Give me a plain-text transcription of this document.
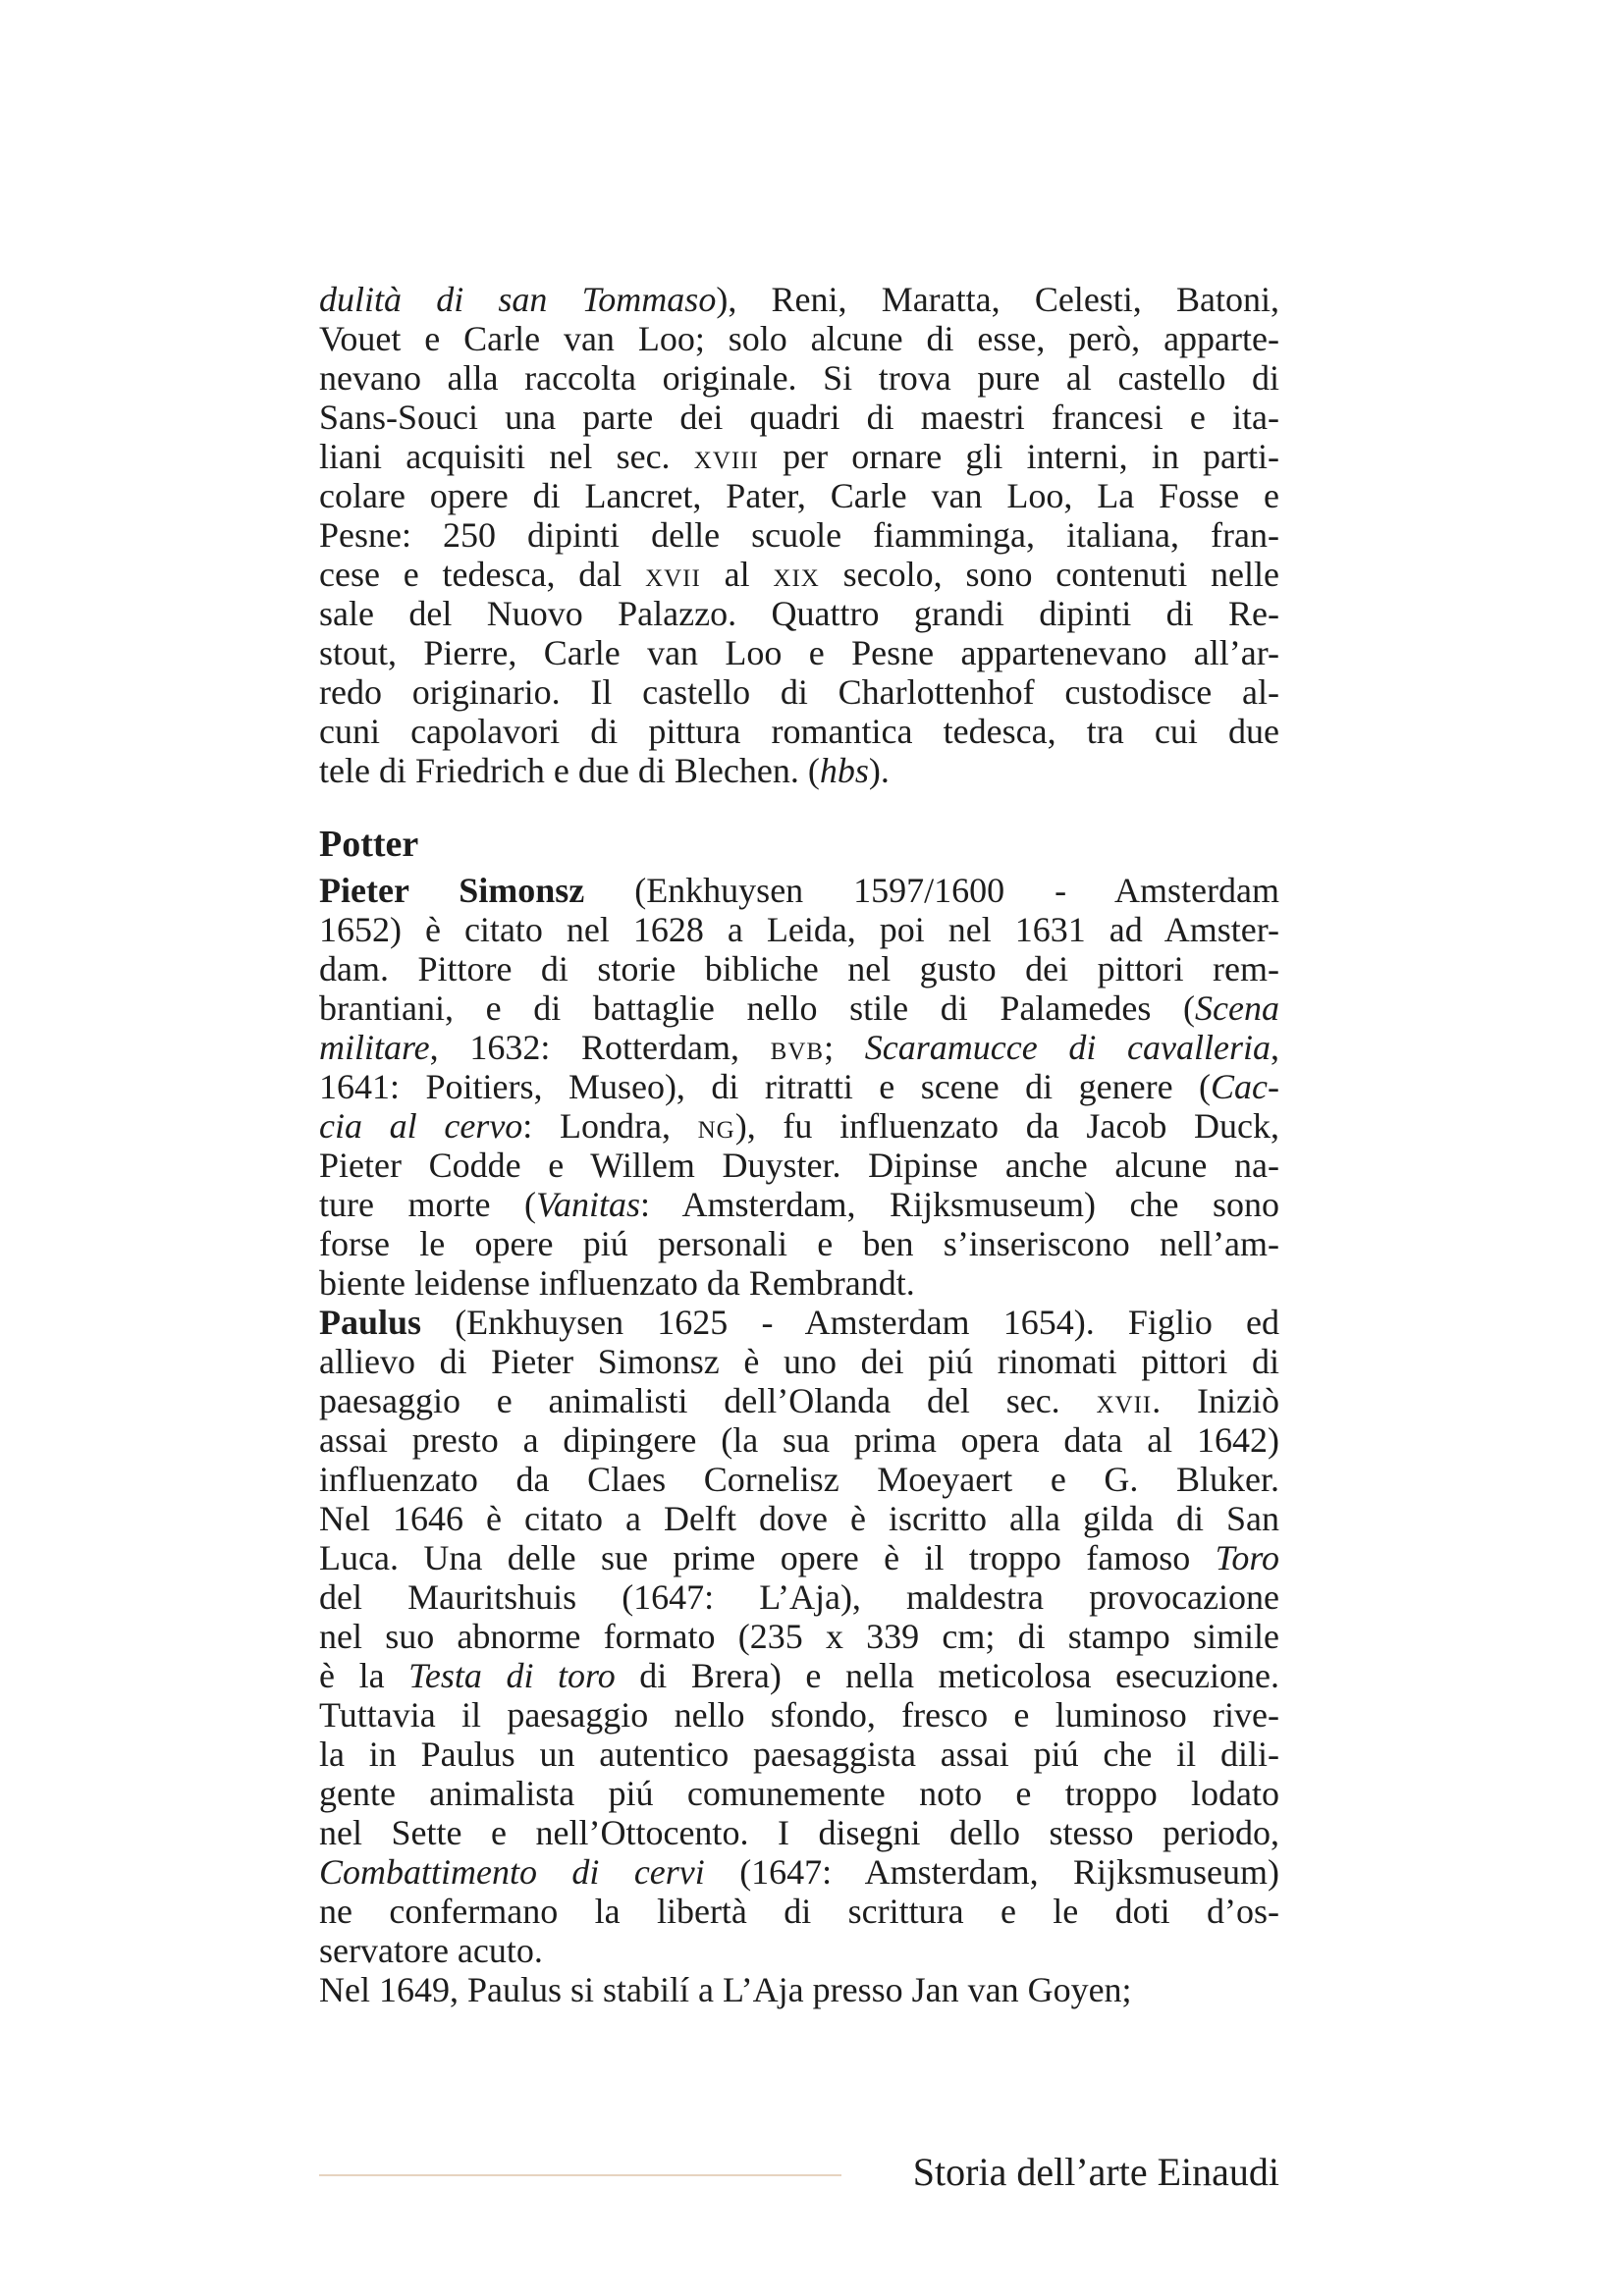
dulità di san Tommaso), Reni, Maratta, Celesti, Batoni,
Vouet e Carle van Loo; solo alcune di esse, però, apparte-
nevano alla raccolta originale. Si trova pure al castello di
Sans-Souci una parte dei quadri di maestri francesi e ita-
liani acquisiti nel sec. xviii per ornare gli interni, in parti-
colare opere di Lancret, Pater, Carle van Loo, La Fosse e
Pesne: 250 dipinti delle scuole fiamminga, italiana, fran-
cese e tedesca, dal xvii al xix secolo, sono contenuti nelle
sale del Nuovo Palazzo. Quattro grandi dipinti di Re-
stout, Pierre, Carle van Loo e Pesne appartenevano all’ar-
redo originario. Il castello di Charlottenhof custodisce al-
cuni capolavori di pittura romantica tedesca, tra cui due
tele di Friedrich e due di Blechen. (hbs).
Potter
Pieter Simonsz (Enkhuysen 1597/1600 - Amsterdam
1652) è citato nel 1628 a Leida, poi nel 1631 ad Amster-
dam. Pittore di storie bibliche nel gusto dei pittori rem-
brantiani, e di battaglie nello stile di Palamedes (Scena
militare, 1632: Rotterdam, bvb; Scaramucce di cavalleria,
1641: Poitiers, Museo), di ritratti e scene di genere (Cac-
cia al cervo: Londra, ng), fu influenzato da Jacob Duck,
Pieter Codde e Willem Duyster. Dipinse anche alcune na-
ture morte (Vanitas: Amsterdam, Rijksmuseum) che sono
forse le opere piú personali e ben s’inseriscono nell’am-
biente leidense influenzato da Rembrandt.
Paulus (Enkhuysen 1625 - Amsterdam 1654). Figlio ed
allievo di Pieter Simonsz è uno dei piú rinomati pittori di
paesaggio e animalisti dell’Olanda del sec. xvii. Iniziò
assai presto a dipingere (la sua prima opera data al 1642)
influenzato da Claes Cornelisz Moeyaert e G. Bluker.
Nel 1646 è citato a Delft dove è iscritto alla gilda di San
Luca. Una delle sue prime opere è il troppo famoso Toro
del Mauritshuis (1647: L’Aja), maldestra provocazione
nel suo abnorme formato (235 x 339 cm; di stampo simile
è la Testa di toro di Brera) e nella meticolosa esecuzione.
Tuttavia il paesaggio nello sfondo, fresco e luminoso rive-
la in Paulus un autentico paesaggista assai piú che il dili-
gente animalista piú comunemente noto e troppo lodato
nel Sette e nell’Ottocento. I disegni dello stesso periodo,
Combattimento di cervi (1647: Amsterdam, Rijksmuseum)
ne confermano la libertà di scrittura e le doti d’os-
servatore acuto.
Nel 1649, Paulus si stabilí a L’Aja presso Jan van Goyen;
Storia dell’arte Einaudi
